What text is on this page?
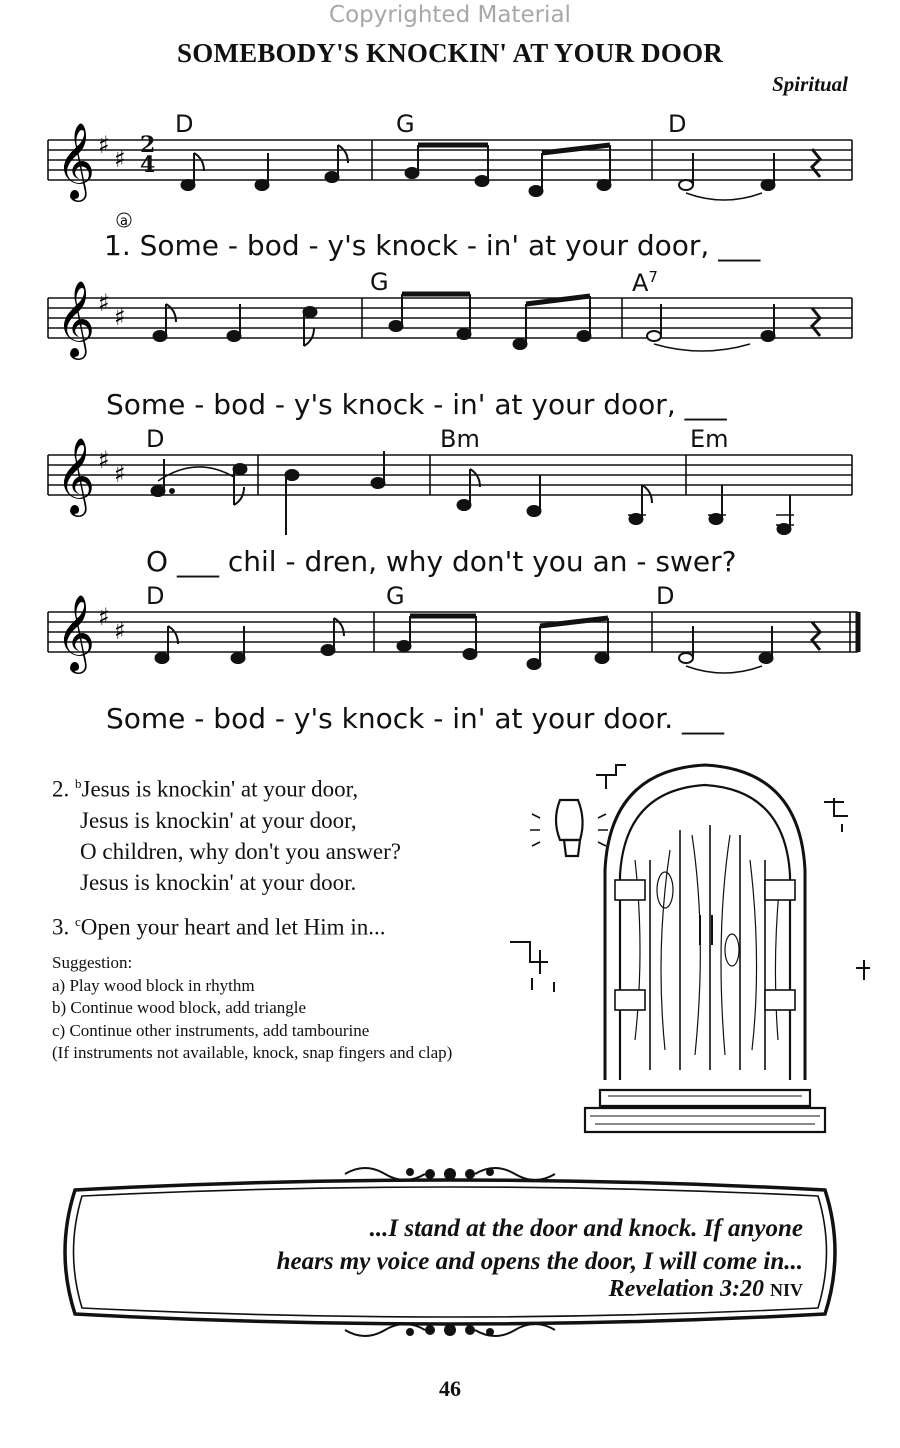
Copyrighted Material
SOMEBODY'S KNOCKIN' AT YOUR DOOR
Spiritual
𝄞 ♯ ♯
a
2
4
D	G	D
1. Some - bod - y's knock - in' at your door, ___
𝄞 ♯ ♯
G	$A^7$
Some - bod - y's knock - in' at your door, ___
𝄞 ♯ ♯
D	Bm	Em
O ___ chil - dren, why don't you an - swer?
𝄞 ♯ ♯
D	G	D
Some - bod - y's knock - in' at your door. ___
2. $^b$Jesus is knockin' at your door,
Jesus is knockin' at your door,
O children, why don't you answer?
Jesus is knockin' at your door.
3. $^c$Open your heart and let Him in...
Suggestion:
a) Play wood block in rhythm
b) Continue wood block, add triangle
c) Continue other instruments, add tambourine
(If instruments not available, knock, snap fingers and clap)
...I stand at the door and knock. If anyone
hears my voice and opens the door, I will come in...
Revelation 3:20 NIV
46
